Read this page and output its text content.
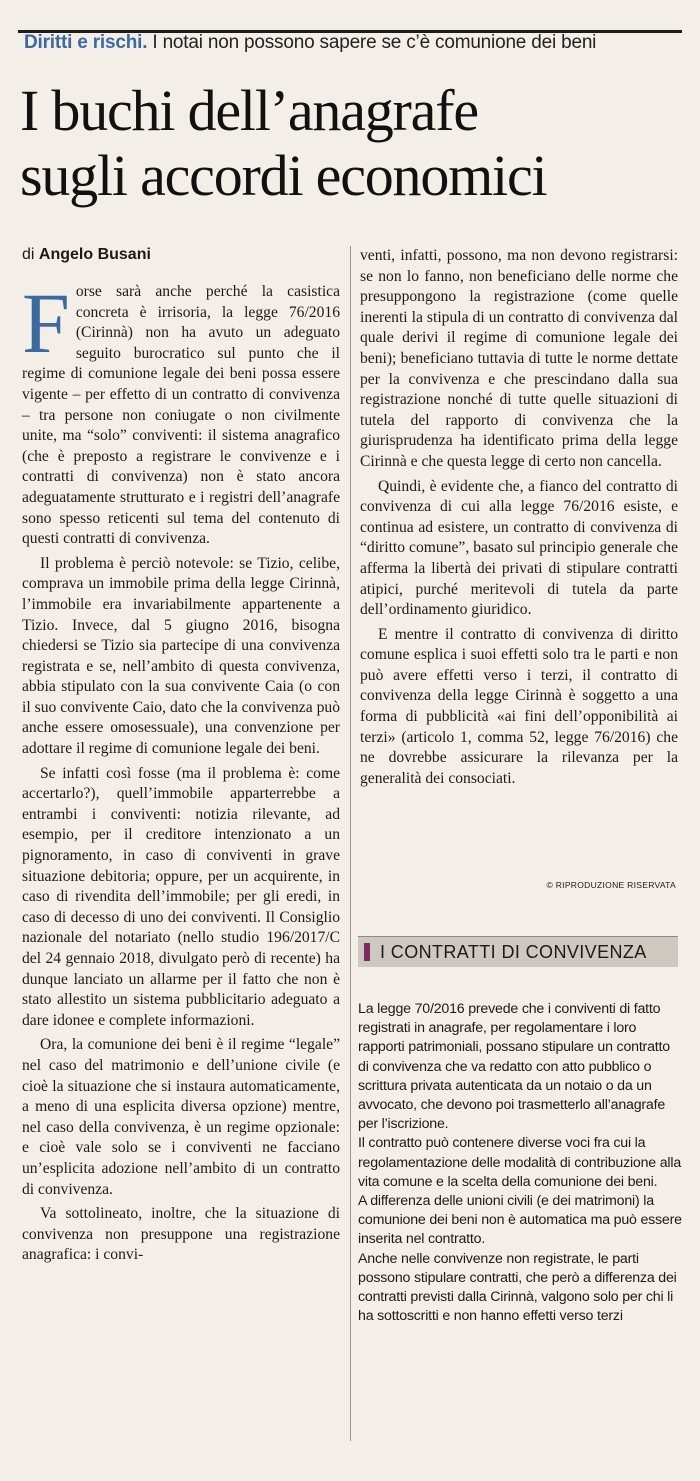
Diritti e rischi. I notai non possono sapere se c’è comunione dei beni
I buchi dell’anagrafe
sugli accordi economici
di Angelo Busani

Forse sarà anche perché la casistica concreta è irrisoria, la legge 76/2016 (Cirinnà) non ha avuto un adeguato seguito burocratico sul punto che il regime di comunione legale dei beni possa essere vigente – per effetto di un contratto di convivenza – tra persone non coniugate o non civilmente unite, ma “solo” conviventi: il sistema anagrafico (che è preposto a registrare le convivenze e i contratti di convivenza) non è stato ancora adeguatamente strutturato e i registri dell’anagrafe sono spesso reticenti sul tema del contenuto di questi contratti di convivenza.

Il problema è perciò notevole: se Tizio, celibe, comprava un immobile prima della legge Cirinnà, l’immobile era invariabilmente appartenente a Tizio. Invece, dal 5 giugno 2016, bisogna chiedersi se Tizio sia partecipe di una convivenza registrata e se, nell’ambito di questa convivenza, abbia stipulato con la sua convivente Caia (o con il suo convivente Caio, dato che la convivenza può anche essere omosessuale), una convenzione per adottare il regime di comunione legale dei beni.

Se infatti così fosse (ma il problema è: come accertarlo?), quell’immobile apparterrebbe a entrambi i conviventi: notizia rilevante, ad esempio, per il creditore intenzionato a un pignoramento, in caso di conviventi in grave situazione debitoria; oppure, per un acquirente, in caso di rivendita dell’immobile; per gli eredi, in caso di decesso di uno dei conviventi. Il Consiglio nazionale del notariato (nello studio 196/2017/C del 24 gennaio 2018, divulgato però di recente) ha dunque lanciato un allarme per il fatto che non è stato allestito un sistema pubblicitario adeguato a dare idonee e complete informazioni.

Ora, la comunione dei beni è il regime “legale” nel caso del matrimonio e dell’unione civile (e cioè la situazione che si instaura automaticamente, a meno di una esplicita diversa opzione) mentre, nel caso della convivenza, è un regime opzionale: e cioè vale solo se i conviventi ne facciano un’esplicita adozione nell’ambito di un contratto di convivenza.

Va sottolineato, inoltre, che la situazione di convivenza non presuppone una registrazione anagrafica: i convi-

venti, infatti, possono, ma non devono registrarsi: se non lo fanno, non beneficiano delle norme che presuppongono la registrazione (come quelle inerenti la stipula di un contratto di convivenza dal quale derivi il regime di comunione legale dei beni); beneficiano tuttavia di tutte le norme dettate per la convivenza e che prescindano dalla sua registrazione nonché di tutte quelle situazioni di tutela del rapporto di convivenza che la giurisprudenza ha identificato prima della legge Cirinnà e che questa legge di certo non cancella.

Quindi, è evidente che, a fianco del contratto di convivenza di cui alla legge 76/2016 esiste, e continua ad esistere, un contratto di convivenza di “diritto comune”, basato sul principio generale che afferma la libertà dei privati di stipulare contratti atipici, purché meritevoli di tutela da parte dell’ordinamento giuridico.

E mentre il contratto di convivenza di diritto comune esplica i suoi effetti solo tra le parti e non può avere effetti verso i terzi, il contratto di convivenza della legge Cirinnà è soggetto a una forma di pubblicità «ai fini dell’opponibilità ai terzi» (articolo 1, comma 52, legge 76/2016) che ne dovrebbe assicurare la rilevanza per la generalità dei consociati.

© RIPRODUZIONE RISERVATA
I CONTRATTI DI CONVIVENZA

La legge 70/2016 prevede che i conviventi di fatto registrati in anagrafe, per regolamentare i loro rapporti patrimoniali, possano stipulare un contratto di convivenza che va redatto con atto pubblico o scrittura privata autenticata da un notaio o da un avvocato, che devono poi trasmetterlo all’anagrafe per l’iscrizione.

Il contratto può contenere diverse voci fra cui la regolamentazione delle modalità di contribuzione alla vita comune e la scelta della comunione dei beni.

A differenza delle unioni civili (e dei matrimoni) la comunione dei beni non è automatica ma può essere inserita nel contratto.

Anche nelle convivenze non registrate, le parti possono stipulare contratti, che però a differenza dei contratti previsti dalla Cirinnà, valgono solo per chi li ha sottoscritti e non hanno effetti verso terzi
